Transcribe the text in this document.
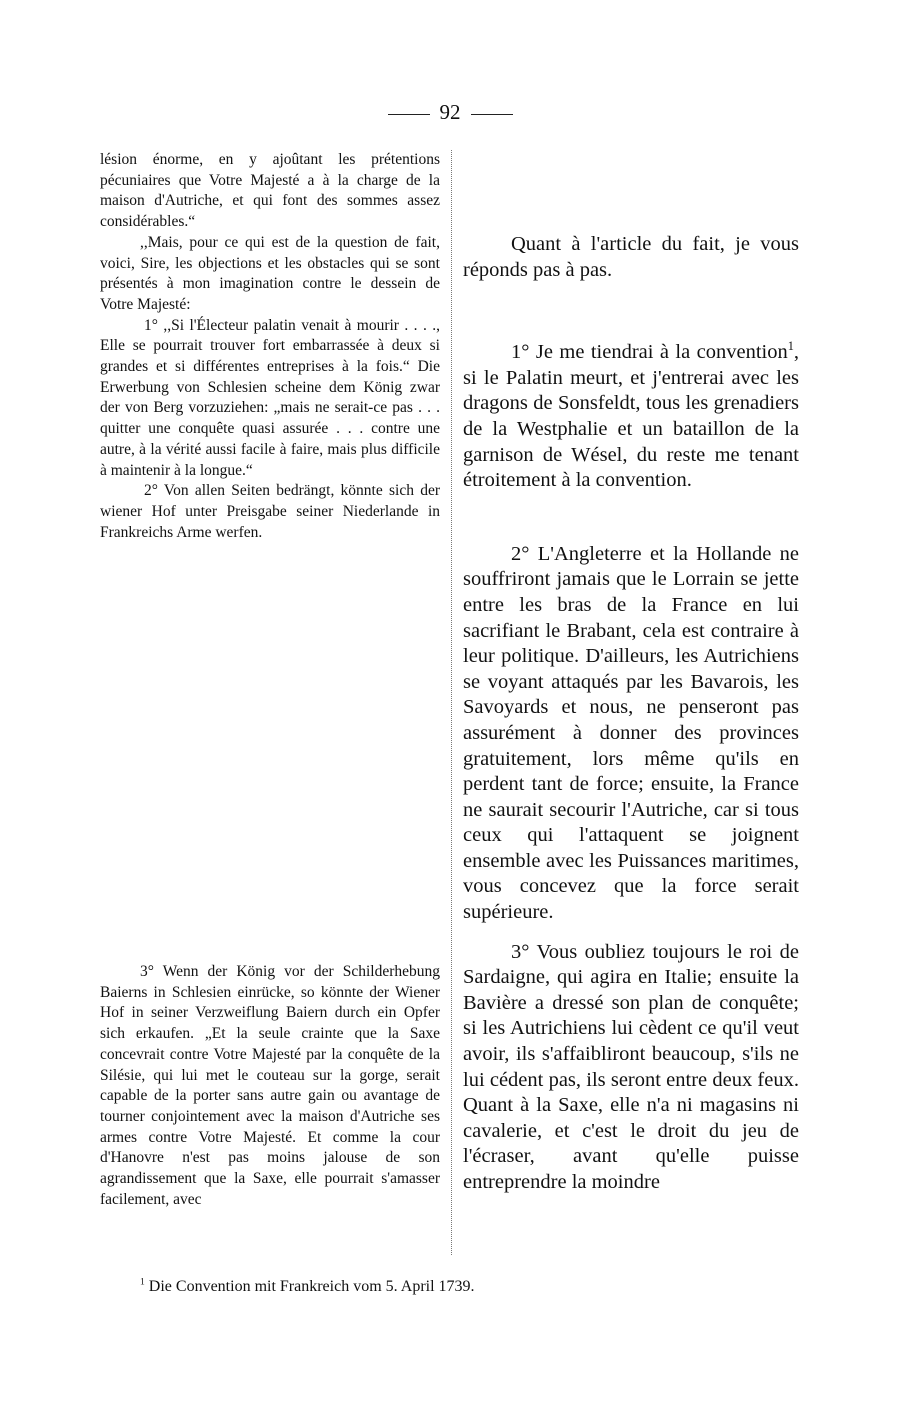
92

lésion énorme, en y ajoûtant les prétentions pécuniaires que Votre Majesté a à la charge de la maison d'Autriche, et qui font des sommes assez considérables.“

,,Mais, pour ce qui est de la question de fait, voici, Sire, les objections et les obstacles qui se sont présentés à mon imagination contre le dessein de Votre Majesté:

1° ,,Si l'Électeur palatin venait à mourir . . . ., Elle se pourrait trouver fort embarrassée à deux si grandes et si différentes entreprises à la fois.“ Die Erwerbung von Schlesien scheine dem König zwar der von Berg vorzuziehen: „mais ne serait-ce pas . . . quitter une conquête quasi assurée . . . contre une autre, à la vérité aussi facile à faire, mais plus difficile à maintenir à la longue.“

2° Von allen Seiten bedrängt, könnte sich der wiener Hof unter Preisgabe seiner Niederlande in Frankreichs Arme werfen.

3° Wenn der König vor der Schilderhebung Baierns in Schlesien einrücke, so könnte der Wiener Hof in seiner Verzweiflung Baiern durch ein Opfer sich erkaufen. „Et la seule crainte que la Saxe concevrait contre Votre Majesté par la conquête de la Silésie, qui lui met le couteau sur la gorge, serait capable de la porter sans autre gain ou avantage de tourner conjointement avec la maison d'Autriche ses armes contre Votre Majesté. Et comme la cour d'Hanovre n'est pas moins jalouse de son agrandissement que la Saxe, elle pourrait s'amasser facilement, avec

Quant à l'article du fait, je vous réponds pas à pas.

1° Je me tiendrai à la convention$^1$, si le Palatin meurt, et j'entrerai avec les dragons de Sonsfeldt, tous les grenadiers de la Westphalie et un bataillon de la garnison de Wésel, du reste me tenant étroitement à la convention.

2° L'Angleterre et la Hollande ne souffriront jamais que le Lorrain se jette entre les bras de la France en lui sacrifiant le Brabant, cela est contraire à leur politique. D'ailleurs, les Autrichiens se voyant attaqués par les Bavarois, les Savoyards et nous, ne penseront pas assurément à donner des provinces gratuitement, lors même qu'ils en perdent tant de force; ensuite, la France ne saurait secourir l'Autriche, car si tous ceux qui l'attaquent se joignent ensemble avec les Puissances maritimes, vous concevez que la force serait supérieure.

3° Vous oubliez toujours le roi de Sardaigne, qui agira en Italie; ensuite la Bavière a dressé son plan de conquête; si les Autrichiens lui cèdent ce qu'il veut avoir, ils s'affaibliront beaucoup, s'ils ne lui cédent pas, ils seront entre deux feux. Quant à la Saxe, elle n'a ni magasins ni cavalerie, et c'est le droit du jeu de l'écraser, avant qu'elle puisse entreprendre la moindre

$^1$ Die Convention mit Frankreich vom 5. April 1739.
